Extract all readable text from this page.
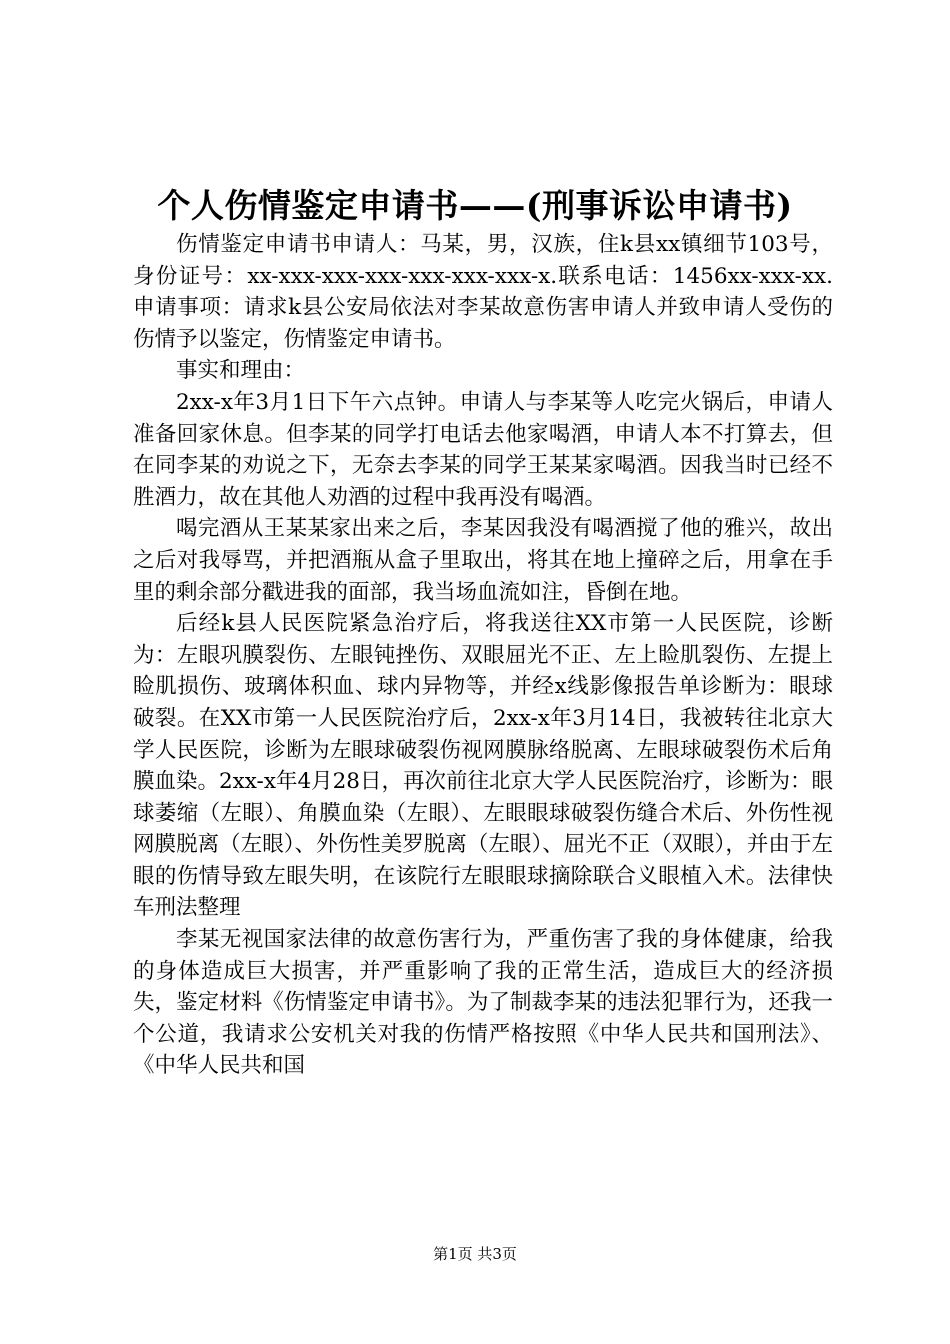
个人伤情鉴定申请书——(刑事诉讼申请书)

伤情鉴定申请书申请人：马某，男，汉族，住k县xx镇细节103号，身份证号：xx-xxx-xxx-xxx-xxx-xxx-xxx-x.联系电话：1456xx-xxx-xx.申请事项：请求k县公安局依法对李某故意伤害申请人并致申请人受伤的伤情予以鉴定，伤情鉴定申请书。

事实和理由：

2xx-x年3月1日下午六点钟。申请人与李某等人吃完火锅后，申请人准备回家休息。但李某的同学打电话去他家喝酒，申请人本不打算去，但在同李某的劝说之下，无奈去李某的同学王某某家喝酒。因我当时已经不胜酒力，故在其他人劝酒的过程中我再没有喝酒。

喝完酒从王某某家出来之后，李某因我没有喝酒搅了他的雅兴，故出之后对我辱骂，并把酒瓶从盒子里取出，将其在地上撞碎之后，用拿在手里的剩余部分戳进我的面部，我当场血流如注，昏倒在地。

后经k县人民医院紧急治疗后，将我送往XX市第一人民医院，诊断为：左眼巩膜裂伤、左眼钝挫伤、双眼屈光不正、左上睑肌裂伤、左提上睑肌损伤、玻璃体积血、球内异物等，并经x线影像报告单诊断为：眼球破裂。在XX市第一人民医院治疗后，2xx-x年3月14日，我被转往北京大学人民医院，诊断为左眼球破裂伤视网膜脉络脱离、左眼球破裂伤术后角膜血染。2xx-x年4月28日，再次前往北京大学人民医院治疗，诊断为：眼球萎缩（左眼）、角膜血染（左眼）、左眼眼球破裂伤缝合术后、外伤性视网膜脱离（左眼）、外伤性美罗脱离（左眼）、屈光不正（双眼），并由于左眼的伤情导致左眼失明，在该院行左眼眼球摘除联合义眼植入术。法律快车刑法整理

李某无视国家法律的故意伤害行为，严重伤害了我的身体健康，给我的身体造成巨大损害，并严重影响了我的正常生活，造成巨大的经济损失，鉴定材料《伤情鉴定申请书》。为了制裁李某的违法犯罪行为，还我一个公道，我请求公安机关对我的伤情严格按照《中华人民共和国刑法》、《中华人民共和国

第1页 共3页
